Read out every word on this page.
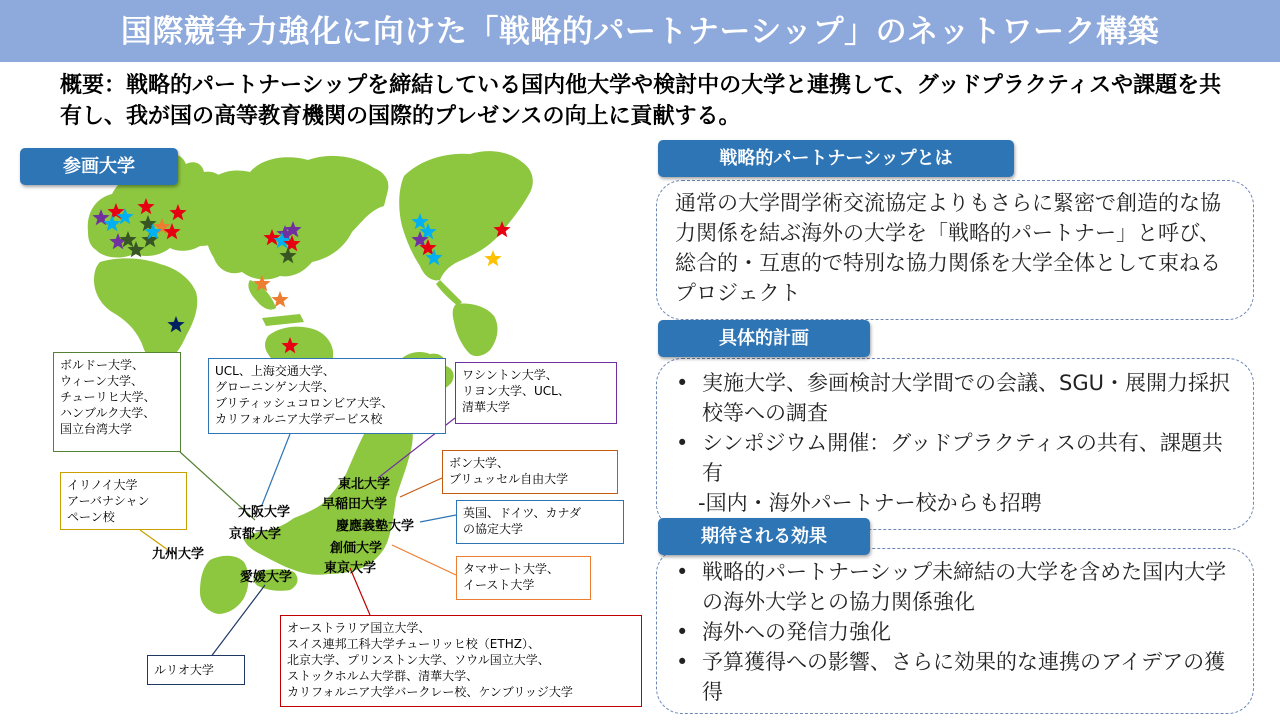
国際競争力強化に向けた「戦略的パートナーシップ」のネットワーク構築
概要：戦略的パートナーシップを締結している国内他大学や検討中の大学と連携して、グッドプラクティスや課題を共有し、我が国の高等教育機関の国際的プレゼンスの向上に貢献する。
参画大学
ボルドー大学、
ウィーン大学、
チューリヒ大学、
ハンブルク大学、
国立台湾大学
UCL、上海交通大学、
グローニンゲン大学、
ブリティッシュコロンビア大学、
カリフォルニア大学デービス校
ワシントン大学、
リヨン大学、UCL、
清華大学
イリノイ大学
アーバナシャン
ペーン校
ボン大学、
ブリュッセル自由大学
英国、ドイツ、カナダ
の協定大学
タマサート大学、
イースト大学
オーストラリア国立大学、
スイス連邦工科大学チューリッヒ校（ETHZ）、
北京大学、プリンストン大学、ソウル国立大学、
ストックホルム大学群、清華大学、
カリフォルニア大学バークレー校、ケンブリッジ大学
ルリオ大学
東北大学
早稲田大学
慶應義塾大学
創価大学
東京大学
大阪大学
京都大学
九州大学
愛媛大学
戦略的パートナーシップとは
通常の大学間学術交流協定よりもさらに緊密で創造的な協力関係を結ぶ海外の大学を「戦略的パートナー」と呼び、総合的・互恵的で特別な協力関係を大学全体として束ねるプロジェクト
具体的計画
• 実施大学、参画検討大学間での会議、SGU・展開力採択校等への調査
• シンポジウム開催：グッドプラクティスの共有、課題共有
-国内・海外パートナー校からも招聘
期待される効果
• 戦略的パートナーシップ未締結の大学を含めた国内大学の海外大学との協力関係強化
• 海外への発信力強化
• 予算獲得への影響、さらに効果的な連携のアイデアの獲得
